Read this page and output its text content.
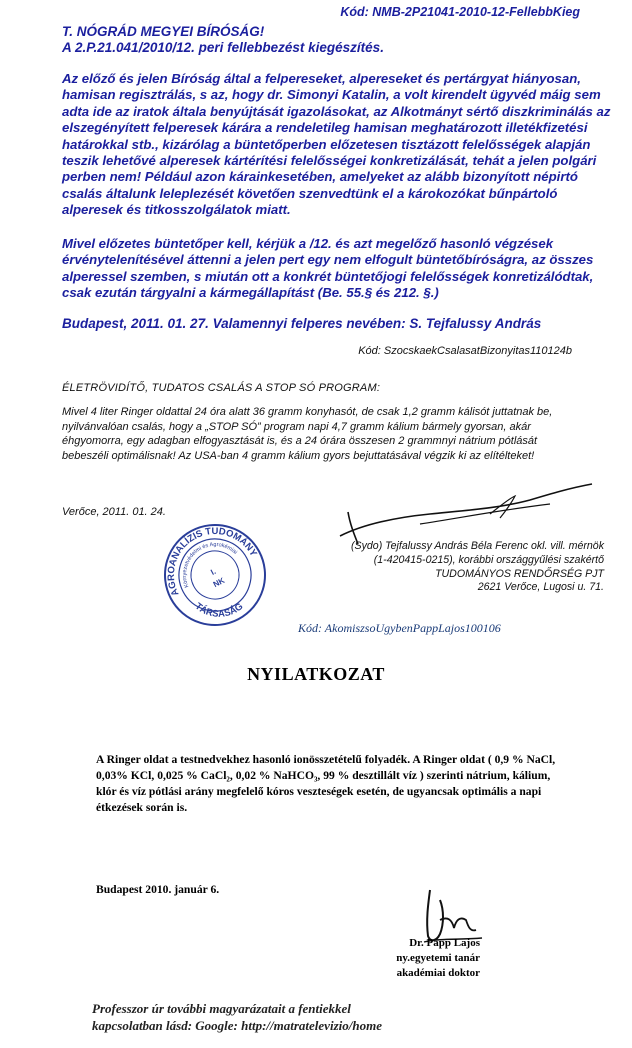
Kód: NMB-2P21041-2010-12-FellebbKieg
T. NÓGRÁD MEGYEI BÍRÓSÁG!
A 2.P.21.041/2010/12. peri fellebbezést kiegészítés.
Az előző és jelen Bíróság által a felpereseket, alpereseket és pertárgyat hiányosan, hamisan regisztrálás, s az, hogy dr. Simonyi Katalin, a volt kirendelt ügyvéd máig sem adta ide az iratok általa benyújtását igazolásokat, az Alkotmányt sértő diszkriminálás az elszegényített felperesek kárára a rendeletileg hamisan meghatározott illetékfizetési határokkal stb., kizárólag a büntetőperben előzetesen tisztázott felelősségek alapján teszik lehetővé alperesek kártérítési felelősségei konkretizálását, tehát a jelen polgári perben nem! Például azon kárainkesetében, amelyeket az alább bizonyított népirtó csalás általunk leleplezését követően szenvedtünk el a károkozókat bűnpártoló alperesek és titkosszolgálatok miatt.
Mivel előzetes büntetőper kell, kérjük a /12. és azt megelőző hasonló végzések érvénytelenítésével áttenni a jelen pert egy nem elfogult büntetőbíróságra, az összes alperessel szemben, s miután ott a konkrét büntetőjogi felelősségek konretizálódtak, csak ezután tárgyalni a kármegállapítást (Be. 55.§ és 212. §.)
Budapest, 2011. 01. 27. Valamennyi felperes nevében: S. Tejfalussy András
Kód: SzocskaekCsalasatBizonyitas110124b
ÉLETRÖVIDÍTŐ, TUDATOS CSALÁS A STOP SÓ PROGRAM:
Mivel 4 liter Ringer oldattal 24 óra alatt 36 gramm konyhasót, de csak 1,2 gramm kálisót juttatnak be, nyilvánvalóan csalás, hogy a „STOP SÓ” program napi 4,7 gramm kálium bármely gyorsan, akár éhgyomorra, egy adagban elfogyasztását is, és a 24 órára összesen 2 grammnyi nátrium pótlását bebeszéli optimálisnak! Az USA-ban 4 gramm kálium gyors bejuttatásával végzik ki az elítélteket!
Verőce, 2011. 01. 24.
AGROANALÍZIS TUDOMÁNYOS
TÁRSASÁG
Környezetvédelmi és Agrokémiai
I.
NK
(Sydo) Tejfalussy András Béla Ferenc okl. vill. mérnök
(1-420415-0215), korábbi országgyűlési szakértő
TUDOMÁNYOS RENDŐRSÉG PJT
2621 Verőce, Lugosi u. 71.
Kód: AkomiszsoUgybenPappLajos100106
NYILATKOZAT
A Ringer oldat a testnedvekhez hasonló ionösszetételű folyadék. A Ringer oldat ( 0,9 % NaCl, 0,03% KCl, 0,025 % CaCl₂, 0,02 % NaHCO₃, 99 % desztillált víz ) szerinti nátrium, kálium, klór és víz pótlási arány megfelelő kóros veszteségek esetén, de ugyancsak optimális a napi étkezések során is.
Budapest 2010. január 6.
Dr. Papp Lajos
ny.egyetemi tanár
akadémiai doktor
Professzor úr további magyarázatait a fentiekkel
kapcsolatban lásd: Google: http://matratelevizio/home
